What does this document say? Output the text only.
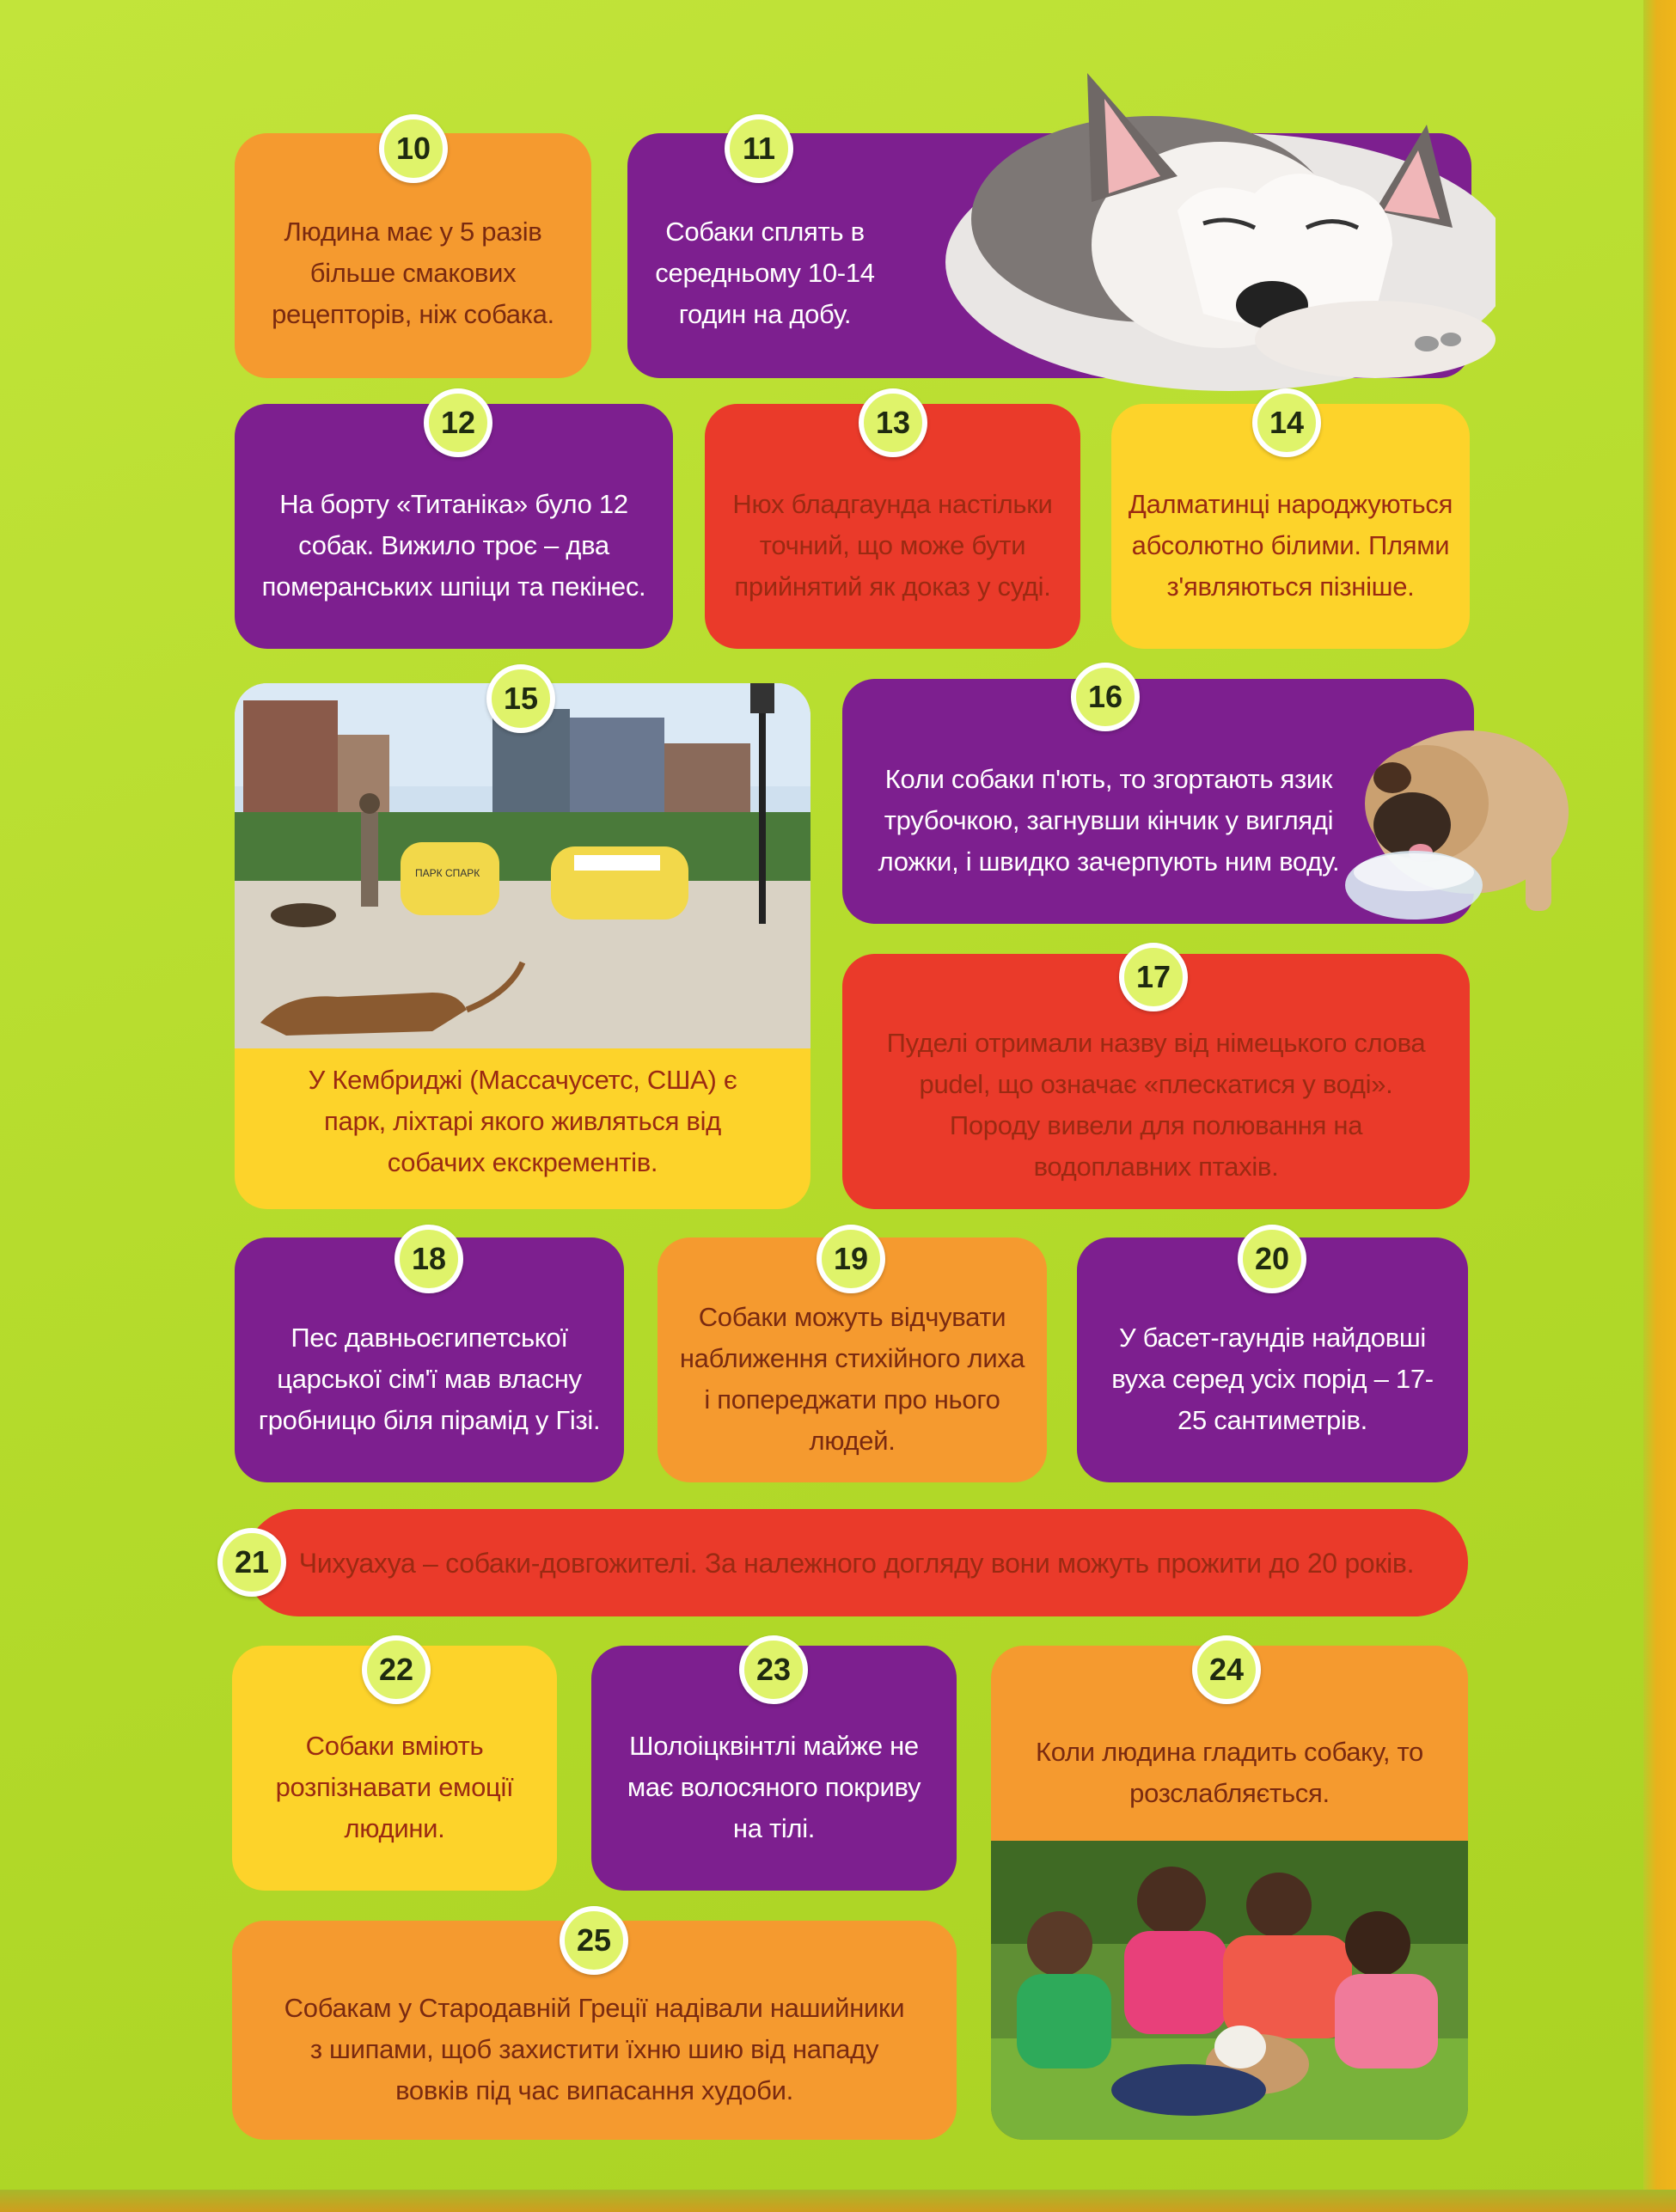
Людина має у 5 разів більше смакових рецепторів, ніж собака.
10
Собаки сплять в середньому 10-14 годин на добу.
11
На борту «Титаніка» було 12 собак. Вижило троє – два померанських шпіци та пекінес.
12
Нюх бладгаунда настільки точний, що може бути прийнятий як доказ у суді.
13
Далматинці народжуються абсолютно білими. Плями з'являються пізніше.
14
У Кембриджі (Массачусетс, США) є парк, ліхтарі якого живляться від собачих екскрементів.
ПАРК СПАРК
15
Коли собаки п'ють, то згортають язик трубочкою, загнувши кінчик у вигляді ложки, і швидко зачерпують ним воду.
16
Пуделі отримали назву від німецького слова pudel, що означає «плескатися у воді». Породу вивели для полювання на водоплавних птахів.
17
Пес давньоєгипетської царської сім'ї мав власну гробницю біля пірамід у Гізі.
18
Собаки можуть відчувати наближення стихійного лиха і попереджати про нього людей.
19
У басет-гаундів найдовші вуха серед усіх порід – 17-25 сантиметрів.
20
Чихуахуа – собаки-довгожителі. За належного догляду вони можуть прожити до 20 років.
21
Собаки вміють розпізнавати емоції людини.
22
Шолоіцквінтлі майже не має волосяного покриву на тілі.
23
Коли людина гладить собаку, то розслабляється.
24
Собакам у Стародавній Греції надівали нашийники з шипами, щоб захистити їхню шию від нападу вовків під час випасання худоби.
25
